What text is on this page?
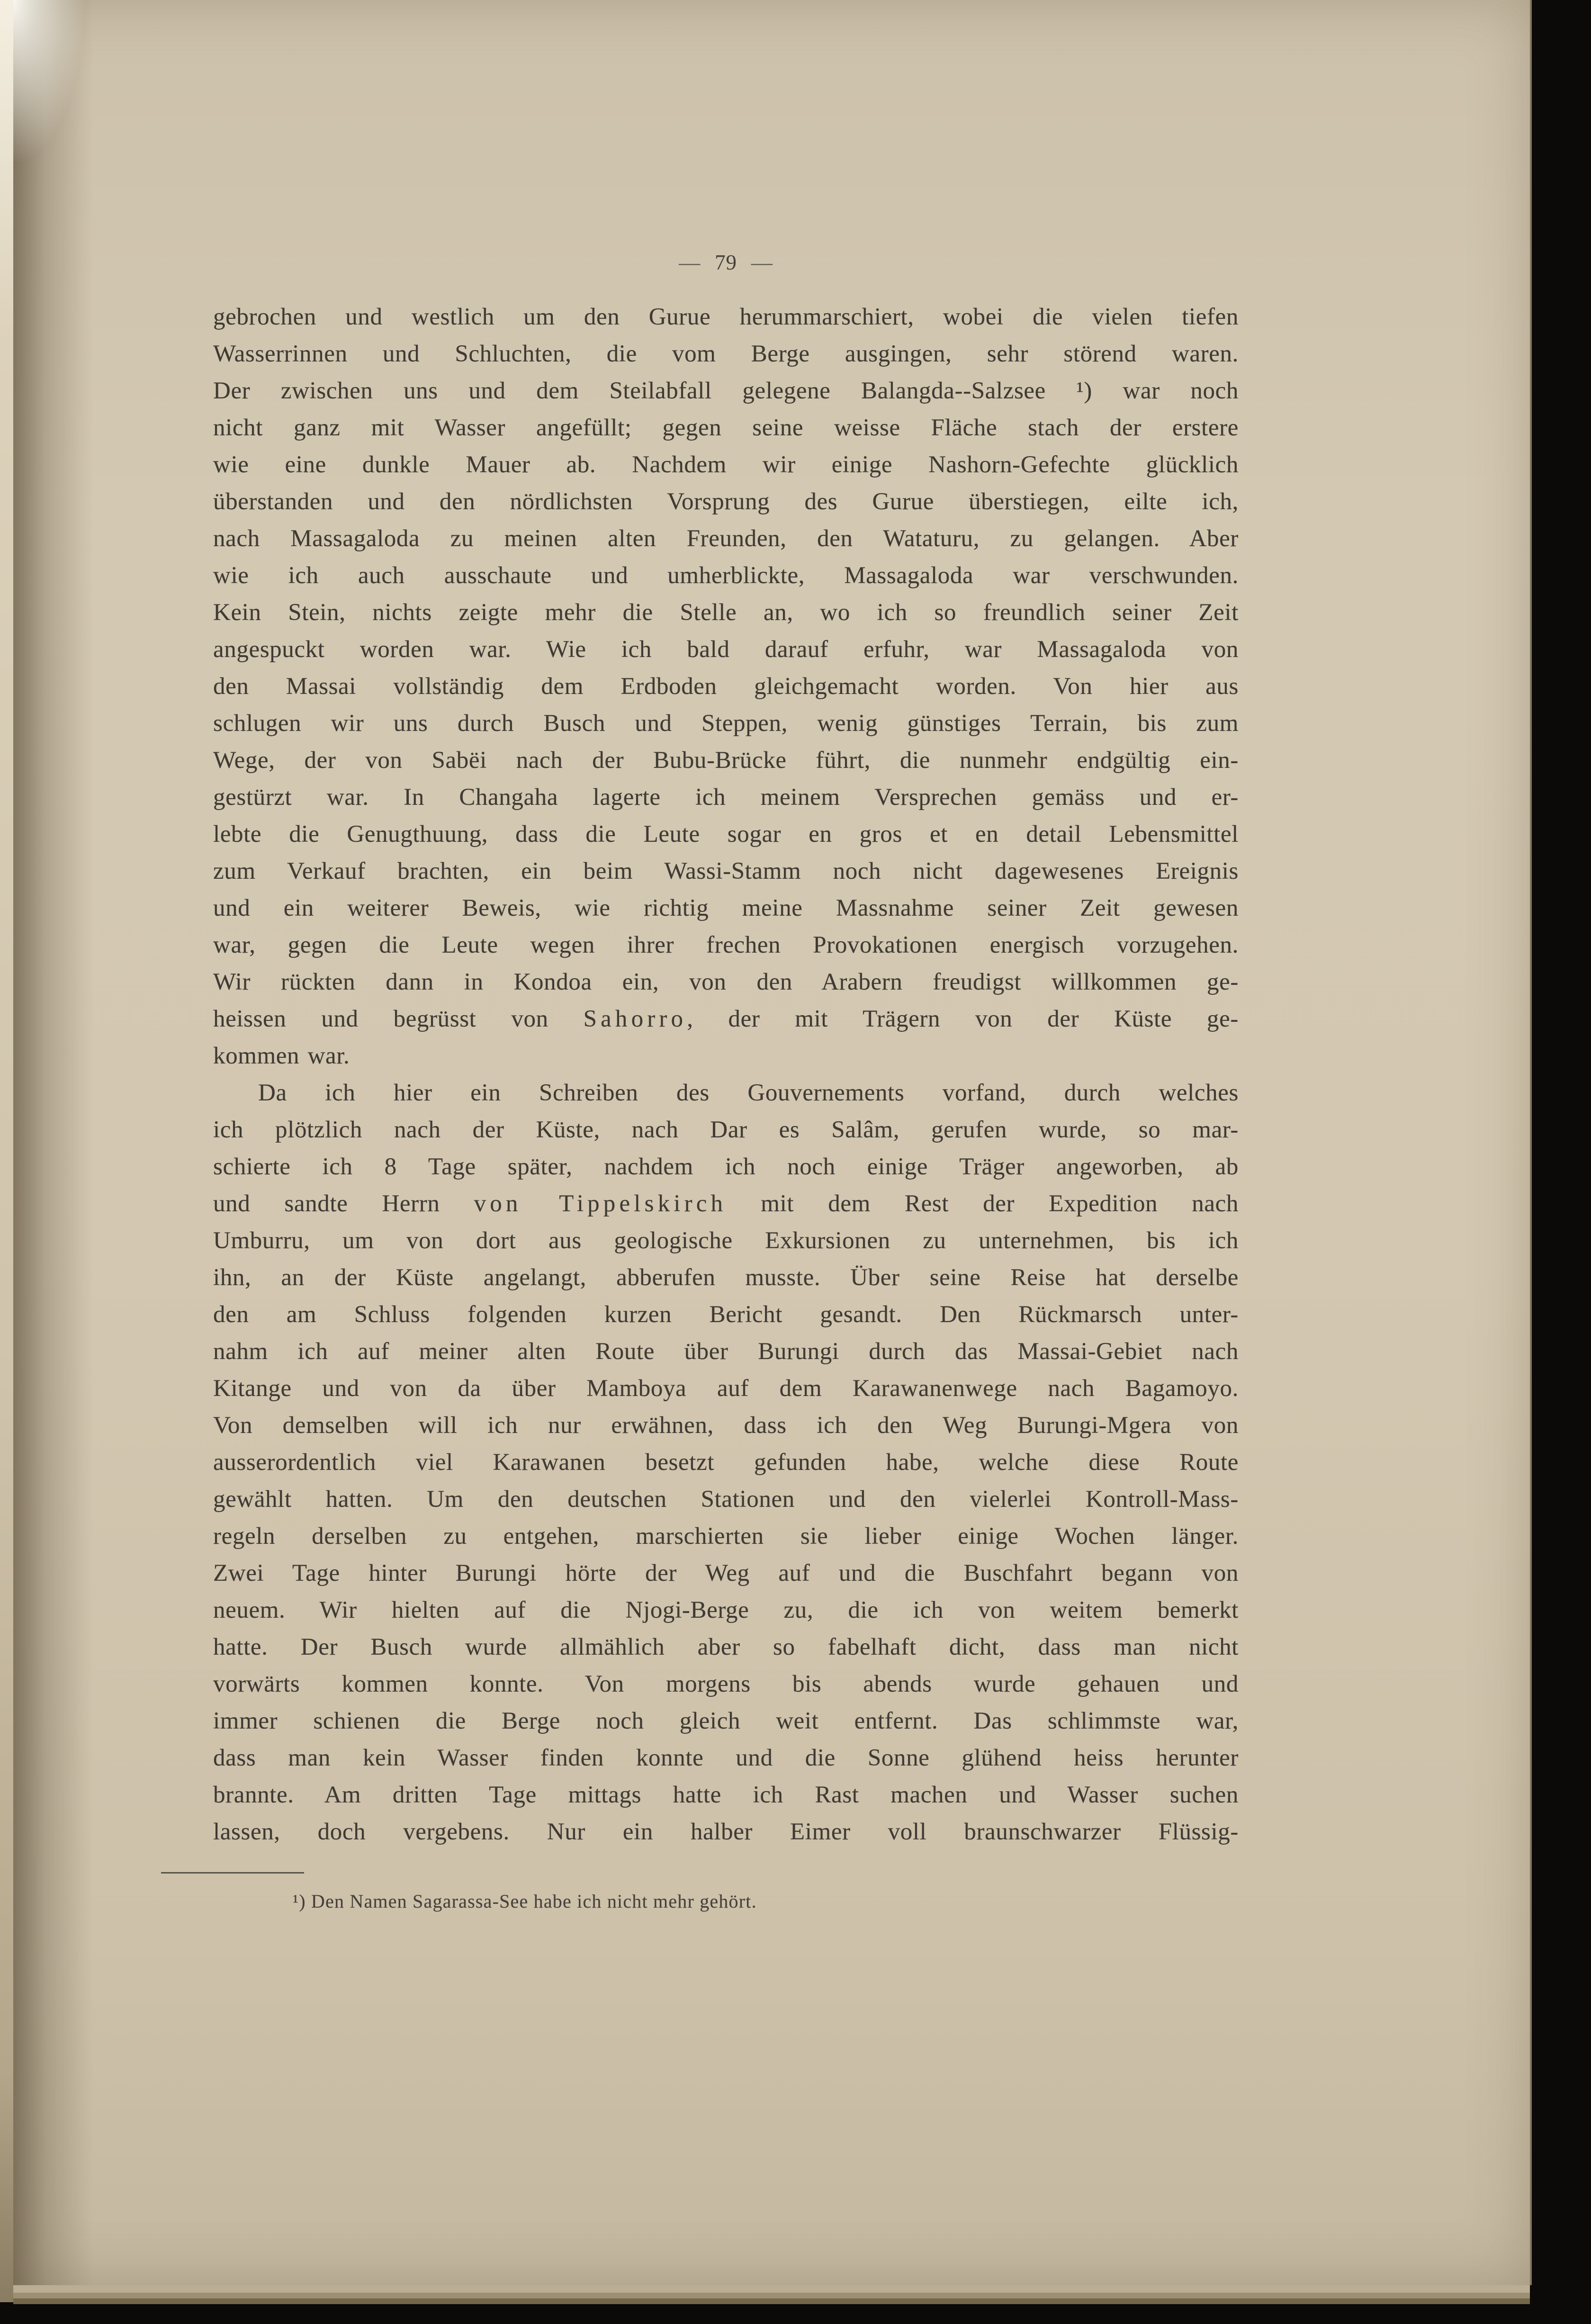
— 79 —
gebrochen und westlich um den Gurue herummarschiert, wobei die vielen tiefen
Wasserrinnen und Schluchten, die vom Berge ausgingen, sehr störend waren.
Der zwischen uns und dem Steilabfall gelegene Balangda--Salzsee ¹) war noch
nicht ganz mit Wasser angefüllt; gegen seine weisse Fläche stach der erstere
wie eine dunkle Mauer ab. Nachdem wir einige Nashorn-Gefechte glücklich
überstanden und den nördlichsten Vorsprung des Gurue überstiegen, eilte ich,
nach Massagaloda zu meinen alten Freunden, den Wataturu, zu gelangen. Aber
wie ich auch ausschaute und umherblickte, Massagaloda war verschwunden.
Kein Stein, nichts zeigte mehr die Stelle an, wo ich so freundlich seiner Zeit
angespuckt worden war. Wie ich bald darauf erfuhr, war Massagaloda von
den Massai vollständig dem Erdboden gleichgemacht worden. Von hier aus
schlugen wir uns durch Busch und Steppen, wenig günstiges Terrain, bis zum
Wege, der von Sabëi nach der Bubu-Brücke führt, die nunmehr endgültig ein-
gestürzt war. In Changaha lagerte ich meinem Versprechen gemäss und er-
lebte die Genugthuung, dass die Leute sogar en gros et en detail Lebensmittel
zum Verkauf brachten, ein beim Wassi-Stamm noch nicht dagewesenes Ereignis
und ein weiterer Beweis, wie richtig meine Massnahme seiner Zeit gewesen
war, gegen die Leute wegen ihrer frechen Provokationen energisch vorzugehen.
Wir rückten dann in Kondoa ein, von den Arabern freudigst willkommen ge-
heissen und begrüsst von Sahorro, der mit Trägern von der Küste ge-
kommen war.
Da ich hier ein Schreiben des Gouvernements vorfand, durch welches
ich plötzlich nach der Küste, nach Dar es Salâm, gerufen wurde, so mar-
schierte ich 8 Tage später, nachdem ich noch einige Träger angeworben, ab
und sandte Herrn von Tippelskirch mit dem Rest der Expedition nach
Umburru, um von dort aus geologische Exkursionen zu unternehmen, bis ich
ihn, an der Küste angelangt, abberufen musste. Über seine Reise hat derselbe
den am Schluss folgenden kurzen Bericht gesandt. Den Rückmarsch unter-
nahm ich auf meiner alten Route über Burungi durch das Massai-Gebiet nach
Kitange und von da über Mamboya auf dem Karawanenwege nach Bagamoyo.
Von demselben will ich nur erwähnen, dass ich den Weg Burungi-Mgera von
ausserordentlich viel Karawanen besetzt gefunden habe, welche diese Route
gewählt hatten. Um den deutschen Stationen und den vielerlei Kontroll-Mass-
regeln derselben zu entgehen, marschierten sie lieber einige Wochen länger.
Zwei Tage hinter Burungi hörte der Weg auf und die Buschfahrt begann von
neuem. Wir hielten auf die Njogi-Berge zu, die ich von weitem bemerkt
hatte. Der Busch wurde allmählich aber so fabelhaft dicht, dass man nicht
vorwärts kommen konnte. Von morgens bis abends wurde gehauen und
immer schienen die Berge noch gleich weit entfernt. Das schlimmste war,
dass man kein Wasser finden konnte und die Sonne glühend heiss herunter
brannte. Am dritten Tage mittags hatte ich Rast machen und Wasser suchen
lassen, doch vergebens. Nur ein halber Eimer voll braunschwarzer Flüssig-
¹) Den Namen Sagarassa-See habe ich nicht mehr gehört.
